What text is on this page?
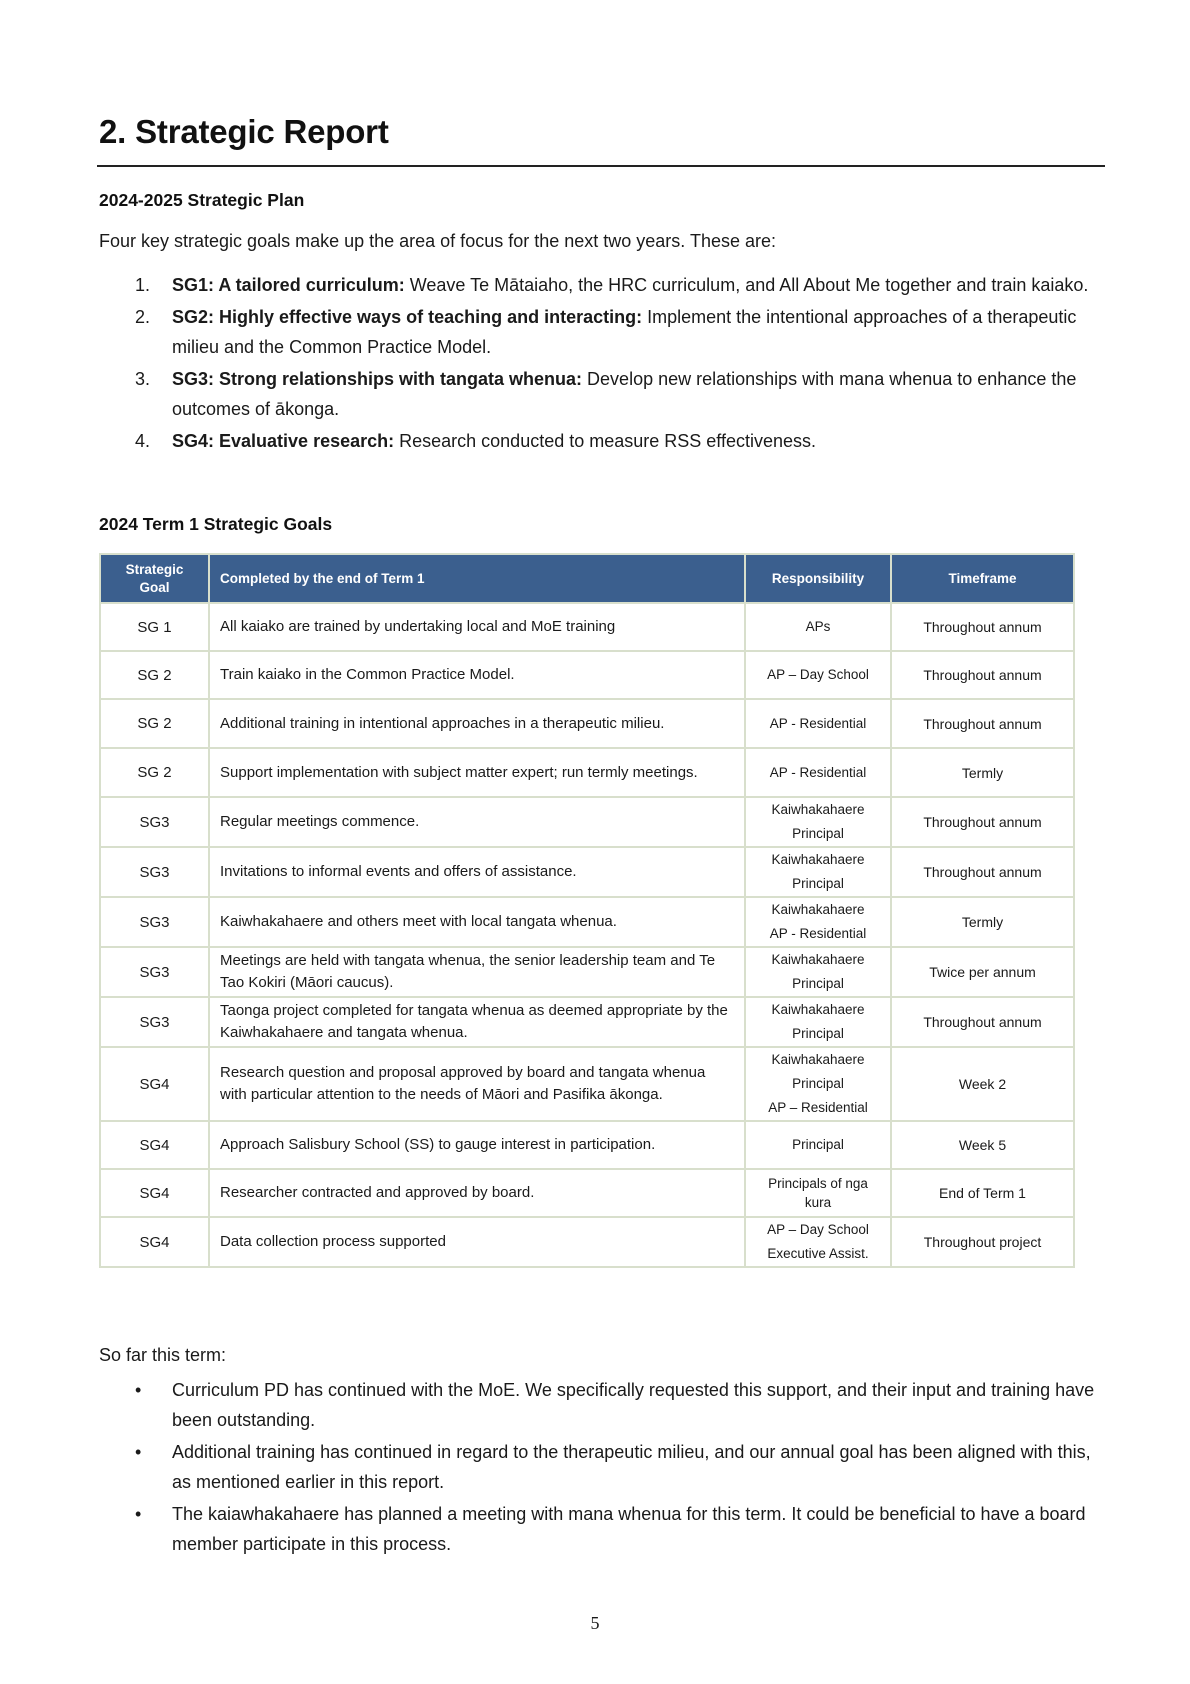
2. Strategic Report
2024-2025 Strategic Plan
Four key strategic goals make up the area of focus for the next two years. These are:
1. SG1: A tailored curriculum: Weave Te Mātaiaho, the HRC curriculum, and All About Me together and train kaiako.
2. SG2: Highly effective ways of teaching and interacting: Implement the intentional approaches of a therapeutic milieu and the Common Practice Model.
3. SG3: Strong relationships with tangata whenua: Develop new relationships with mana whenua to enhance the outcomes of ākonga.
4. SG4: Evaluative research: Research conducted to measure RSS effectiveness.
2024 Term 1 Strategic Goals
Strategic Goal	Completed by the end of Term 1	Responsibility	Timeframe
SG 1	All kaiako are trained by undertaking local and MoE training	APs	Throughout annum
SG 2	Train kaiako in the Common Practice Model.	AP – Day School	Throughout annum
SG 2	Additional training in intentional approaches in a therapeutic milieu.	AP - Residential	Throughout annum
SG 2	Support implementation with subject matter expert; run termly meetings.	AP - Residential	Termly
SG3	Regular meetings commence.	Kaiwhakahaere
Principal	Throughout annum
SG3	Invitations to informal events and offers of assistance.	Kaiwhakahaere
Principal	Throughout annum
SG3	Kaiwhakahaere and others meet with local tangata whenua.	Kaiwhakahaere
AP - Residential	Termly
SG3	Meetings are held with tangata whenua, the senior leadership team and Te Tao Kokiri (Māori caucus).	Kaiwhakahaere
Principal	Twice per annum
SG3	Taonga project completed for tangata whenua as deemed appropriate by the Kaiwhakahaere and tangata whenua.	Kaiwhakahaere
Principal	Throughout annum
SG4	Research question and proposal approved by board and tangata whenua with particular attention to the needs of Māori and Pasifika ākonga.	Kaiwhakahaere
Principal
AP – Residential	Week 2
SG4	Approach Salisbury School (SS) to gauge interest in participation.	Principal	Week 5
SG4	Researcher contracted and approved by board.	Principals of nga kura	End of Term 1
SG4	Data collection process supported	AP – Day School
Executive Assist.	Throughout project
So far this term:
• Curriculum PD has continued with the MoE. We specifically requested this support, and their input and training have been outstanding.
• Additional training has continued in regard to the therapeutic milieu, and our annual goal has been aligned with this, as mentioned earlier in this report.
• The kaiawhakahaere has planned a meeting with mana whenua for this term. It could be beneficial to have a board member participate in this process.
5
